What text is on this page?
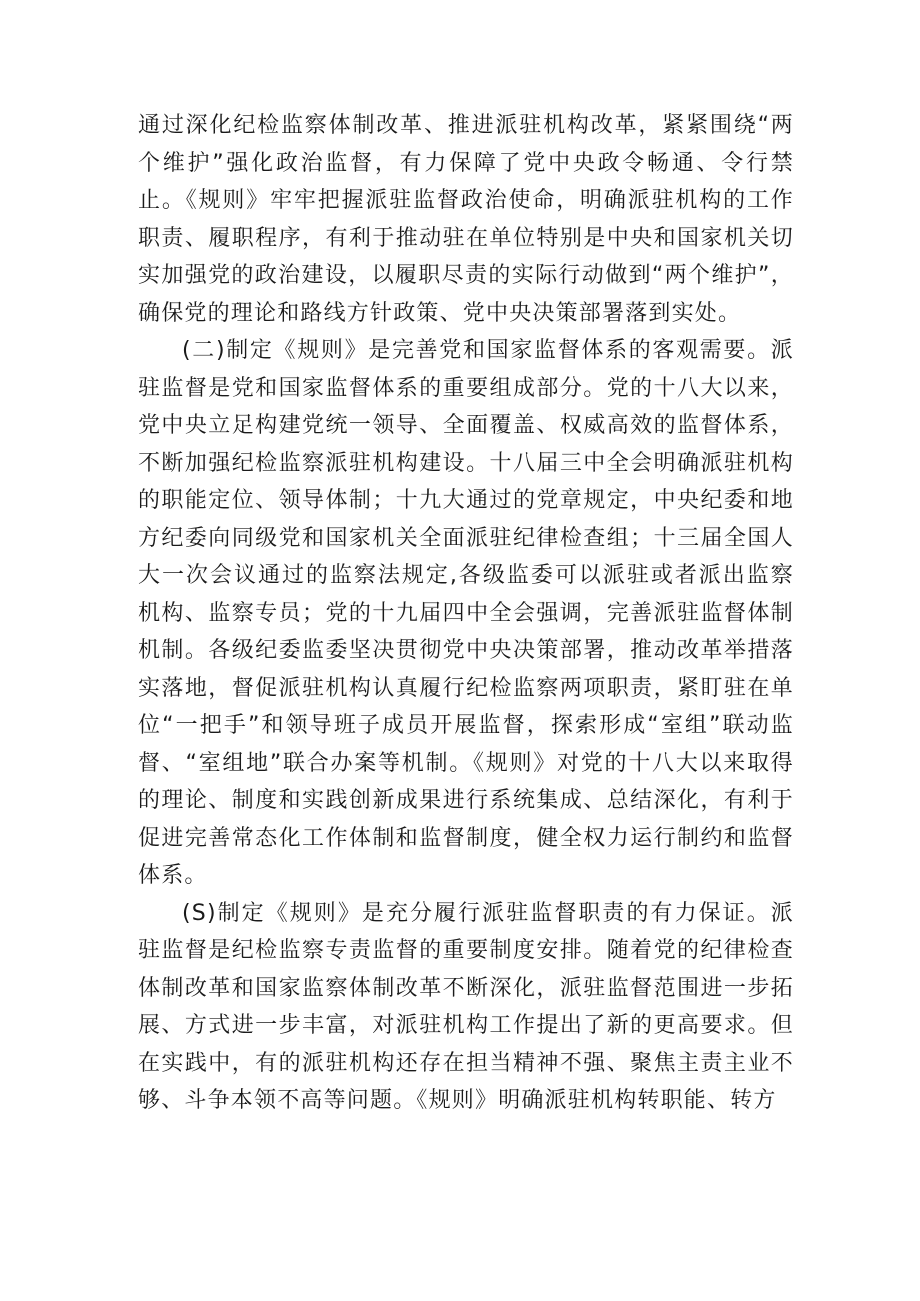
通过深化纪检监察体制改革、推进派驻机构改革，紧紧围绕“两个维护”强化政治监督，有力保障了党中央政令畅通、令行禁止。《规则》牢牢把握派驻监督政治使命，明确派驻机构的工作职责、履职程序，有利于推动驻在单位特别是中央和国家机关切实加强党的政治建设，以履职尽责的实际行动做到“两个维护”，确保党的理论和路线方针政策、党中央决策部署落到实处。

(二)制定《规则》是完善党和国家监督体系的客观需要。派驻监督是党和国家监督体系的重要组成部分。党的十八大以来，党中央立足构建党统一领导、全面覆盖、权威高效的监督体系，不断加强纪检监察派驻机构建设。十八届三中全会明确派驻机构的职能定位、领导体制；十九大通过的党章规定，中央纪委和地方纪委向同级党和国家机关全面派驻纪律检查组；十三届全国人大一次会议通过的监察法规定,各级监委可以派驻或者派出监察机构、监察专员；党的十九届四中全会强调，完善派驻监督体制机制。各级纪委监委坚决贯彻党中央决策部署，推动改革举措落实落地，督促派驻机构认真履行纪检监察两项职责，紧盯驻在单位“一把手”和领导班子成员开展监督，探索形成“室组”联动监督、“室组地”联合办案等机制。《规则》对党的十八大以来取得的理论、制度和实践创新成果进行系统集成、总结深化，有利于促进完善常态化工作体制和监督制度，健全权力运行制约和监督体系。

(S)制定《规则》是充分履行派驻监督职责的有力保证。派驻监督是纪检监察专责监督的重要制度安排。随着党的纪律检查体制改革和国家监察体制改革不断深化，派驻监督范围进一步拓展、方式进一步丰富，对派驻机构工作提出了新的更高要求。但在实践中，有的派驻机构还存在担当精神不强、聚焦主责主业不够、斗争本领不高等问题。《规则》明确派驻机构转职能、转方
